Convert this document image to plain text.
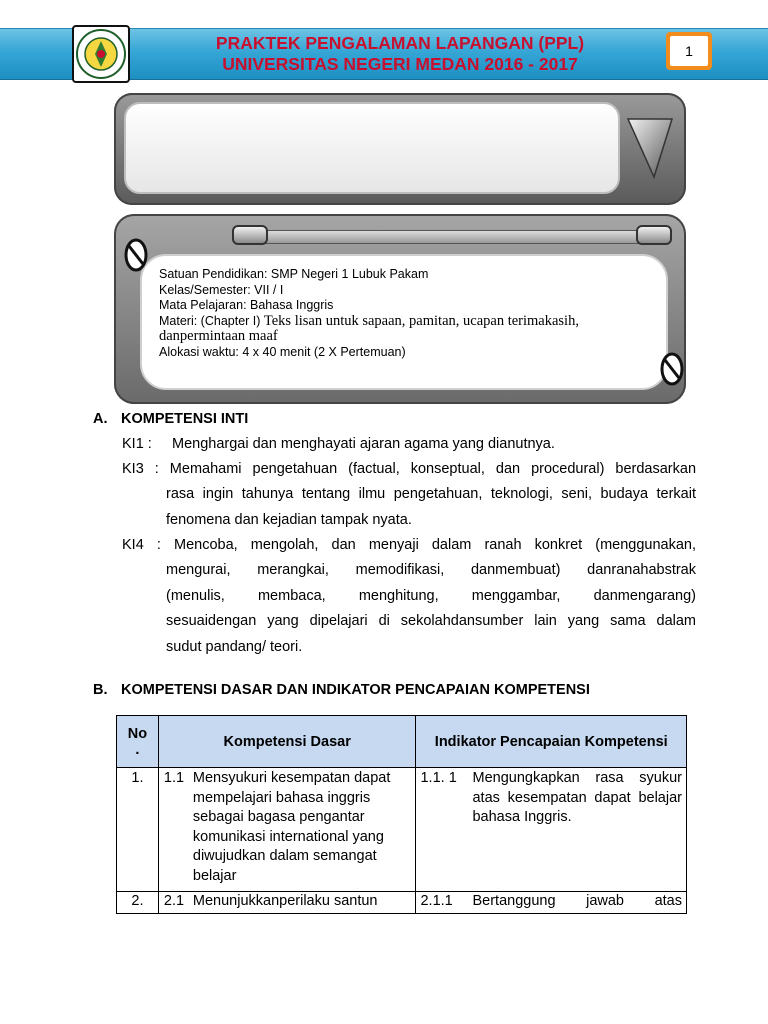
PRAKTEK PENGALAMAN LAPANGAN (PPL)
UNIVERSITAS NEGERI MEDAN 2016 - 2017
1
Satuan Pendidikan: SMP Negeri 1 Lubuk Pakam
Kelas/Semester: VII / I
Mata Pelajaran: Bahasa Inggris
Materi: (Chapter I) Teks lisan untuk sapaan, pamitan, ucapan terimakasih,
danpermintaan maaf
Alokasi waktu: 4 x 40 menit (2 X Pertemuan)
A. KOMPETENSI INTI
KI1 : Menghargai dan menghayati ajaran agama yang dianutnya.
KI3 : Memahami pengetahuan (factual, konseptual, dan procedural) berdasarkan
rasa ingin tahunya tentang ilmu pengetahuan, teknologi, seni, budaya terkait
fenomena dan kejadian tampak nyata.
KI4 : Mencoba, mengolah, dan menyaji dalam ranah konkret (menggunakan,
mengurai, merangkai, memodifikasi, danmembuat) danranahabstrak
(menulis, membaca, menghitung, menggambar, danmengarang)
sesuaidengan yang dipelajari di sekolahdansumber lain yang sama dalam
sudut pandang/ teori.
B. KOMPETENSI DASAR DAN INDIKATOR PENCAPAIAN KOMPETENSI
No
.	Kompetensi Dasar	Indikator Pencapaian Kompetensi
1.	1.1 Mensyukuri kesempatan dapat mempelajari bahasa inggris sebagai bagasa pengantar komunikasi international yang diwujudkan dalam semangat belajar	1.1. 1 Mengungkapkan rasa syukur atas kesempatan dapat belajar bahasa Inggris.

2.	2.1 Menunjukkanperilaku santun	2.1.1 Bertanggung jawab atas
